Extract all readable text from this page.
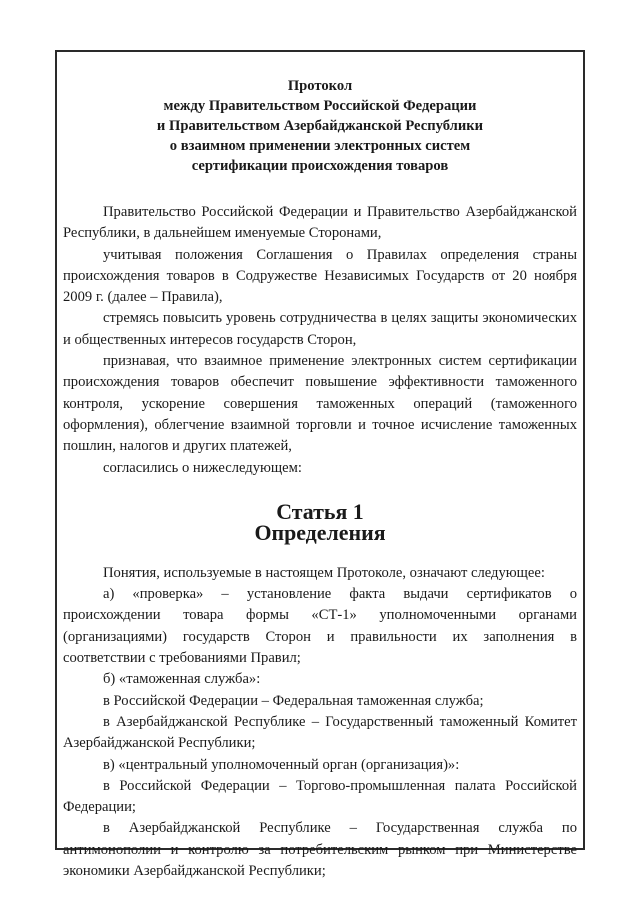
Протокол
между Правительством Российской Федерации
и Правительством Азербайджанской Республики
о взаимном применении электронных систем
сертификации происхождения товаров

Правительство Российской Федерации и Правительство Азербайджанской Республики, в дальнейшем именуемые Сторонами,

учитывая положения Соглашения о Правилах определения страны происхождения товаров в Содружестве Независимых Государств от 20 ноября 2009 г. (далее – Правила),

стремясь повысить уровень сотрудничества в целях защиты экономических и общественных интересов государств Сторон,

признавая, что взаимное применение электронных систем сертификации происхождения товаров обеспечит повышение эффективности таможенного контроля, ускорение совершения таможенных операций (таможенного оформления), облегчение взаимной торговли и точное исчисление таможенных пошлин, налогов и других платежей,

согласились о нижеследующем:

Статья 1
Определения

Понятия, используемые в настоящем Протоколе, означают следующее:

а) «проверка» – установление факта выдачи сертификатов о происхождении товара формы «СТ-1» уполномоченными органами (организациями) государств Сторон и правильности их заполнения в соответствии с требованиями Правил;

б) «таможенная служба»:

в Российской Федерации – Федеральная таможенная служба;

в Азербайджанской Республике – Государственный таможенный Комитет Азербайджанской Республики;

в) «центральный уполномоченный орган (организация)»:

в Российской Федерации – Торгово-промышленная палата Российской Федерации;

в Азербайджанской Республике – Государственная служба по антимонополии и контролю за потребительским рынком при Министерстве экономики Азербайджанской Республики;
